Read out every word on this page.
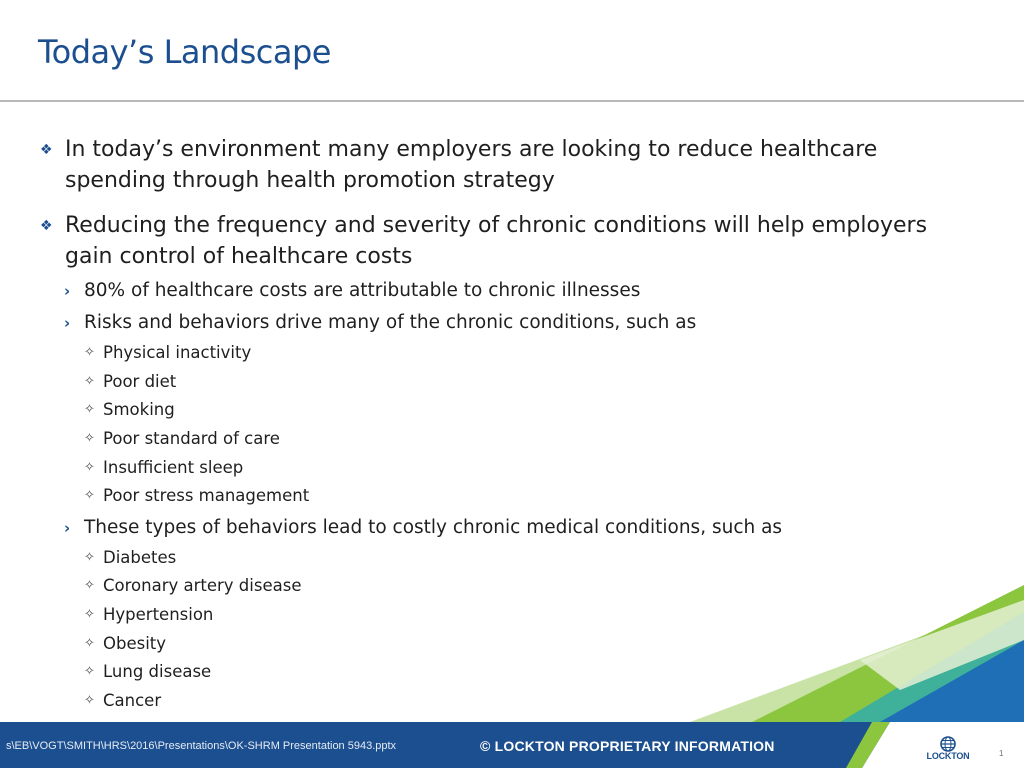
Today’s Landscape
❖ In today’s environment many employers are looking to reduce healthcare spending through health promotion strategy
❖ Reducing the frequency and severity of chronic conditions will help employers gain control of healthcare costs
› 80% of healthcare costs are attributable to chronic illnesses
› Risks and behaviors drive many of the chronic conditions, such as
✧ Physical inactivity
✧ Poor diet
✧ Smoking
✧ Poor standard of care
✧ Insufficient sleep
✧ Poor stress management
› These types of behaviors lead to costly chronic medical conditions, such as
✧ Diabetes
✧ Coronary artery disease
✧ Hypertension
✧ Obesity
✧ Lung disease
✧ Cancer
s\EB\VOGT\SMITH\HRS\2016\Presentations\OK-SHRM Presentation 5943.pptx	© LOCKTON PROPRIETARY INFORMATION
LOCKTON	1
